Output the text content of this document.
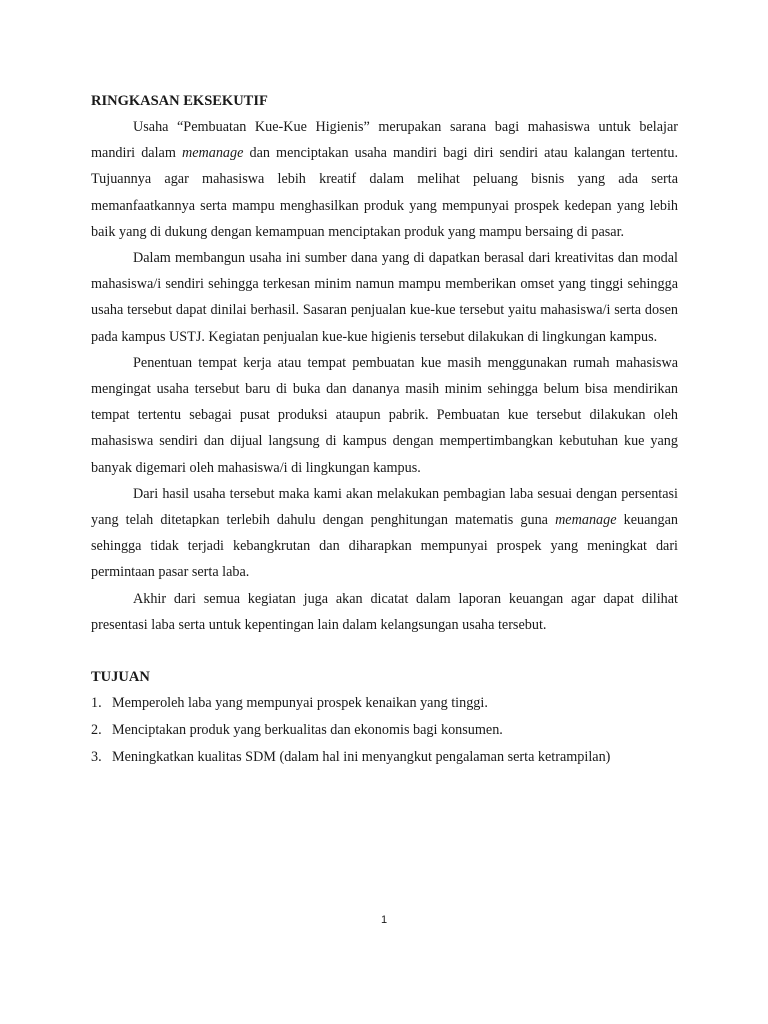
RINGKASAN EKSEKUTIF

Usaha “Pembuatan Kue-Kue Higienis” merupakan sarana bagi mahasiswa untuk belajar mandiri dalam memanage dan menciptakan usaha mandiri bagi diri sendiri atau kalangan tertentu. Tujuannya agar mahasiswa lebih kreatif dalam melihat peluang bisnis yang ada serta memanfaatkannya serta mampu menghasilkan produk yang mempunyai prospek kedepan yang lebih baik yang di dukung dengan kemampuan menciptakan produk yang mampu bersaing di pasar.

Dalam membangun usaha ini sumber dana yang di dapatkan berasal dari kreativitas dan modal mahasiswa/i sendiri sehingga terkesan minim namun mampu memberikan omset yang tinggi sehingga usaha tersebut dapat dinilai berhasil. Sasaran penjualan kue-kue tersebut yaitu mahasiswa/i serta dosen pada kampus USTJ. Kegiatan penjualan kue-kue higienis tersebut dilakukan di lingkungan kampus.

Penentuan tempat kerja atau tempat pembuatan kue masih menggunakan rumah mahasiswa mengingat usaha tersebut baru di buka dan dananya masih minim sehingga belum bisa mendirikan tempat tertentu sebagai pusat produksi ataupun pabrik. Pembuatan kue tersebut dilakukan oleh mahasiswa sendiri dan dijual langsung di kampus dengan mempertimbangkan kebutuhan kue yang banyak digemari oleh mahasiswa/i di lingkungan kampus.

Dari hasil usaha tersebut maka kami akan melakukan pembagian laba sesuai dengan persentasi yang telah ditetapkan terlebih dahulu dengan penghitungan matematis guna memanage keuangan sehingga tidak terjadi kebangkrutan dan diharapkan mempunyai prospek yang meningkat dari permintaan pasar serta laba.

Akhir dari semua kegiatan juga akan dicatat dalam laporan keuangan agar dapat dilihat presentasi laba serta untuk kepentingan lain dalam kelangsungan usaha tersebut.

TUJUAN
1. Memperoleh laba yang mempunyai prospek kenaikan yang tinggi.
2. Menciptakan produk yang berkualitas dan ekonomis bagi konsumen.
3. Meningkatkan kualitas SDM (dalam hal ini menyangkut pengalaman serta ketrampilan)
1
